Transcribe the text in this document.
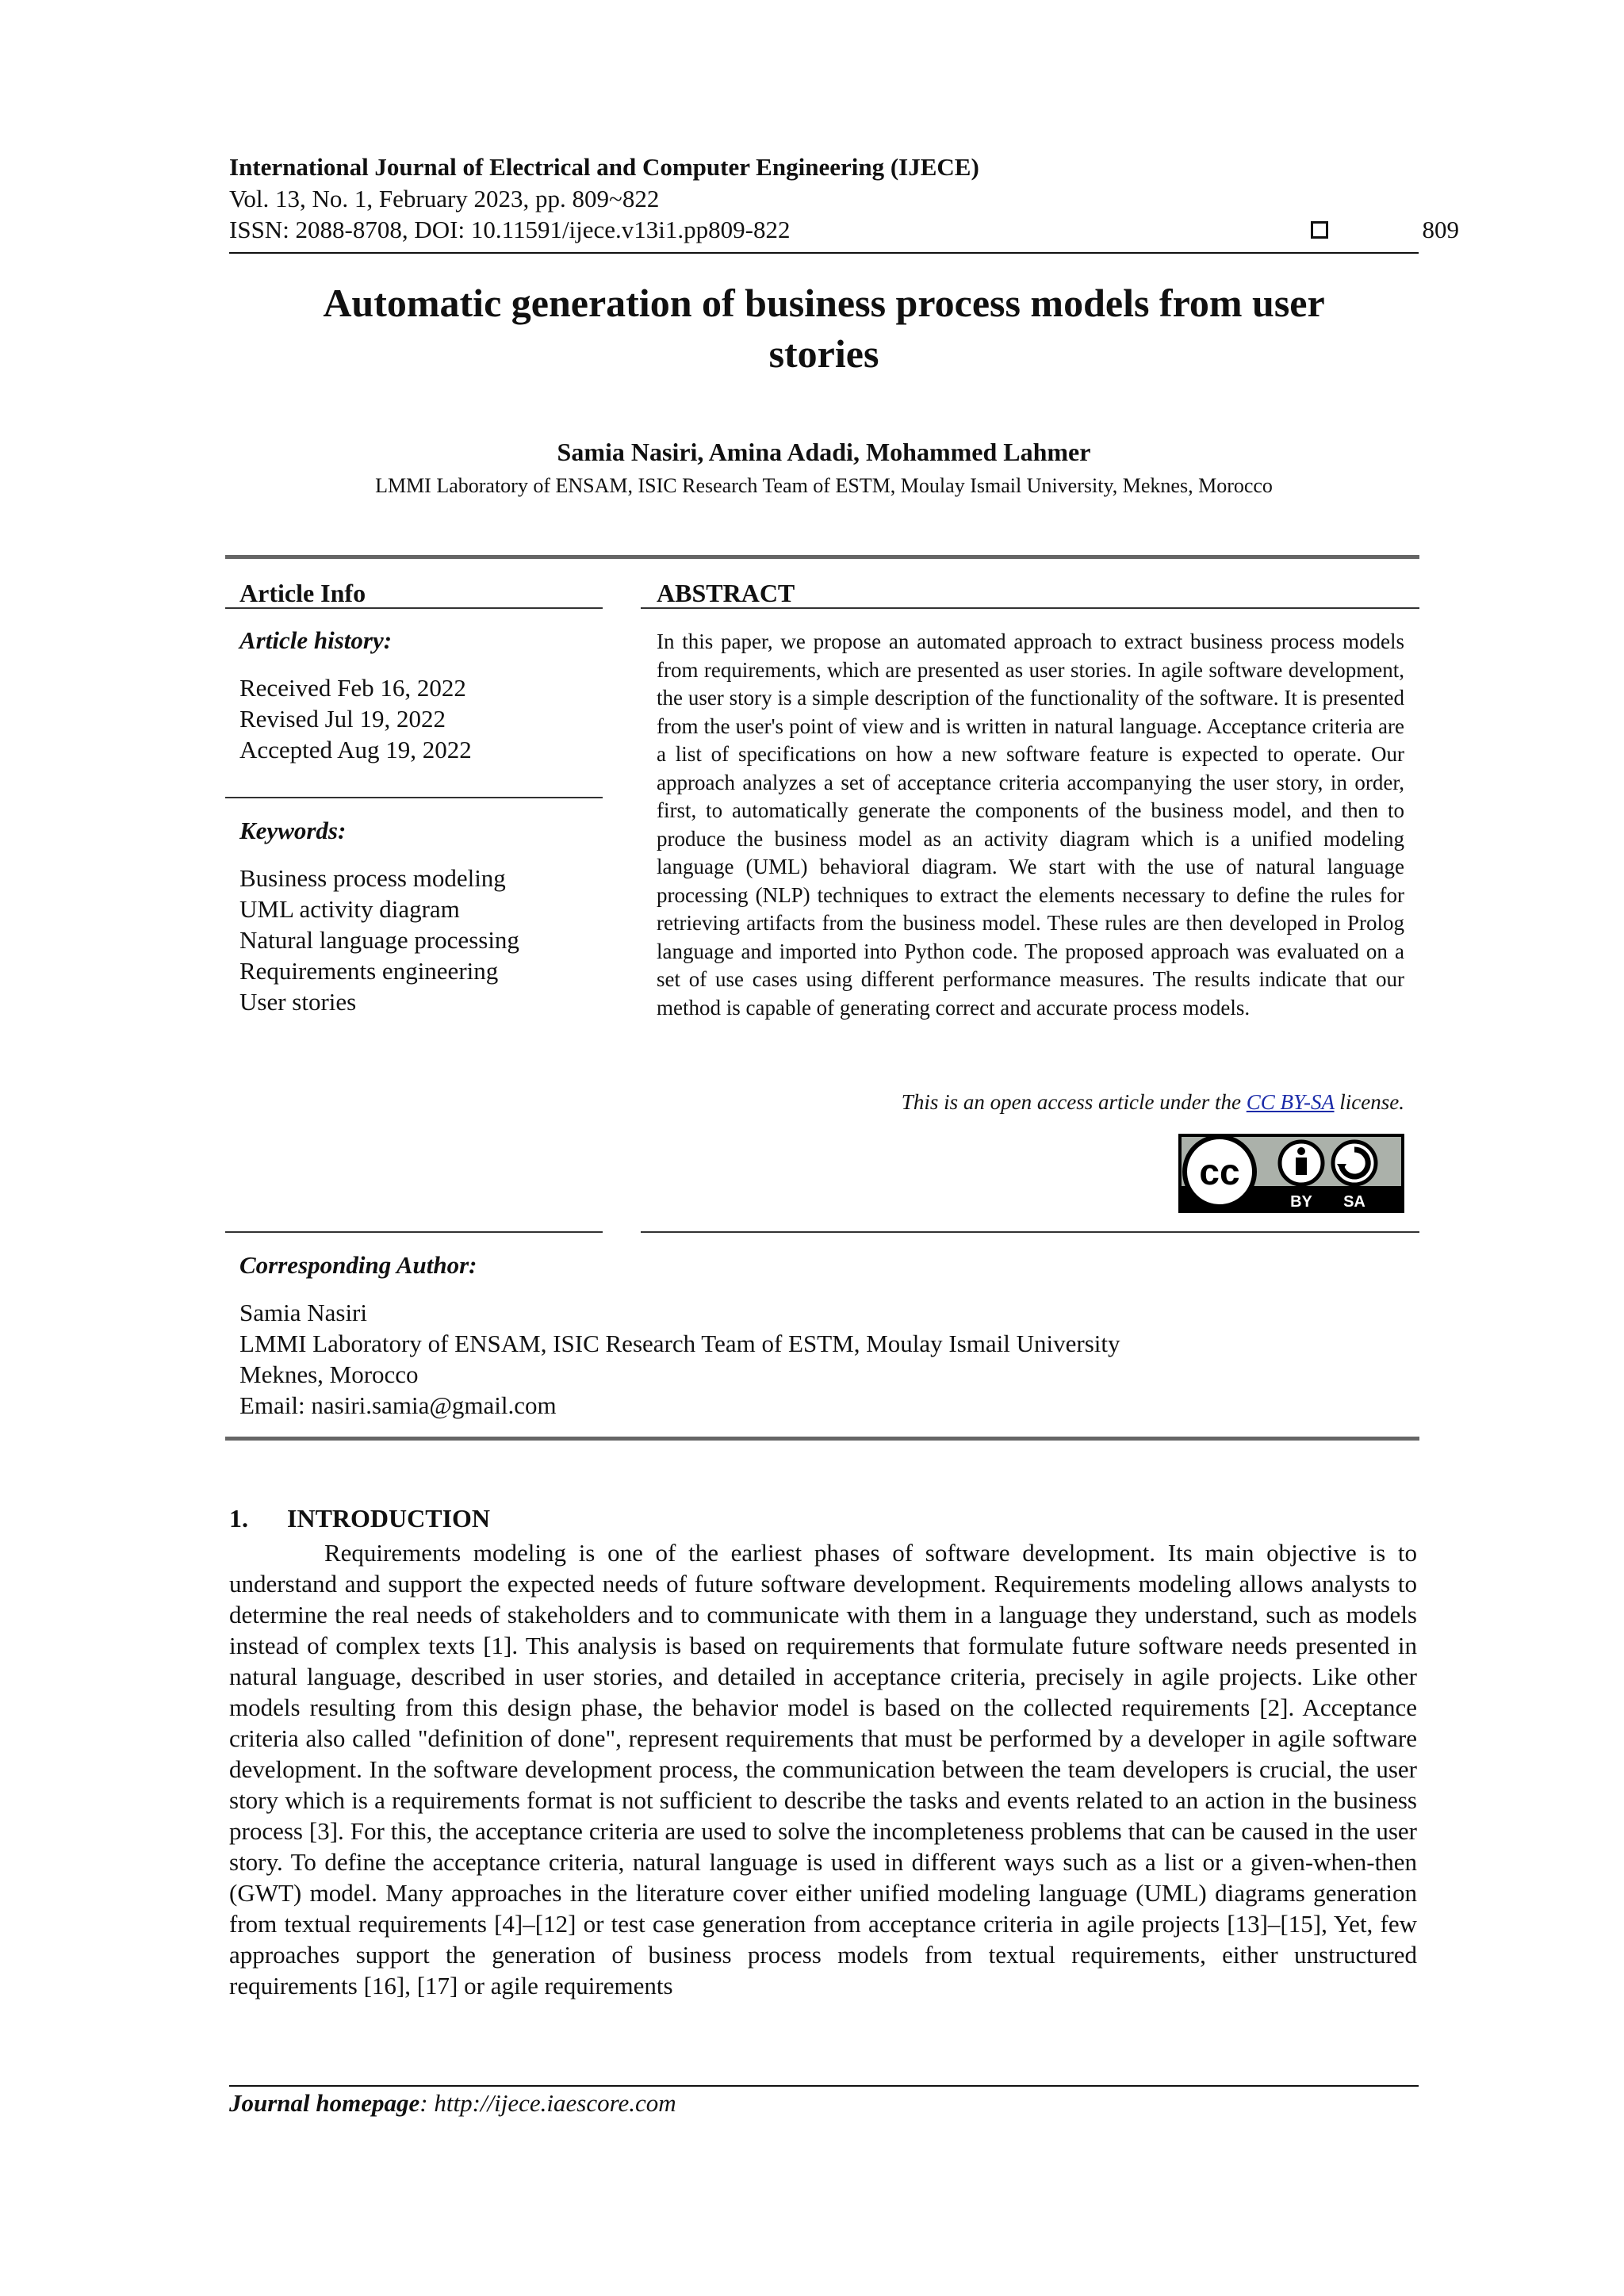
International Journal of Electrical and Computer Engineering (IJECE)
Vol. 13, No. 1, February 2023, pp. 809~822
ISSN: 2088-8708, DOI: 10.11591/ijece.v13i1.pp809-822	809
Automatic generation of business process models from user
stories
Samia Nasiri, Amina Adadi, Mohammed Lahmer
LMMI Laboratory of ENSAM, ISIC Research Team of ESTM, Moulay Ismail University, Meknes, Morocco
Article Info
Article history:
Received Feb 16, 2022
Revised Jul 19, 2022
Accepted Aug 19, 2022
Keywords:
Business process modeling
UML activity diagram
Natural language processing
Requirements engineering
User stories
ABSTRACT
In this paper, we propose an automated approach to extract business process models from requirements, which are presented as user stories. In agile software development, the user story is a simple description of the functionality of the software. It is presented from the user's point of view and is written in natural language. Acceptance criteria are a list of specifications on how a new software feature is expected to operate. Our approach analyzes a set of acceptance criteria accompanying the user story, in order, first, to automatically generate the components of the business model, and then to produce the business model as an activity diagram which is a unified modeling language (UML) behavioral diagram. We start with the use of natural language processing (NLP) techniques to extract the elements necessary to define the rules for retrieving artifacts from the business model. These rules are then developed in Prolog language and imported into Python code. The proposed approach was evaluated on a set of use cases using different performance measures. The results indicate that our method is capable of generating correct and accurate process models.
This is an open access article under the CC BY-SA license.
cc
BY SA
Corresponding Author:
Samia Nasiri
LMMI Laboratory of ENSAM, ISIC Research Team of ESTM, Moulay Ismail University
Meknes, Morocco
Email: nasiri.samia@gmail.com
1. INTRODUCTION

Requirements modeling is one of the earliest phases of software development. Its main objective is to understand and support the expected needs of future software development. Requirements modeling allows analysts to determine the real needs of stakeholders and to communicate with them in a language they understand, such as models instead of complex texts [1]. This analysis is based on requirements that formulate future software needs presented in natural language, described in user stories, and detailed in acceptance criteria, precisely in agile projects. Like other models resulting from this design phase, the behavior model is based on the collected requirements [2]. Acceptance criteria also called "definition of done", represent requirements that must be performed by a developer in agile software development. In the software development process, the communication between the team developers is crucial, the user story which is a requirements format is not sufficient to describe the tasks and events related to an action in the business process [3]. For this, the acceptance criteria are used to solve the incompleteness problems that can be caused in the user story. To define the acceptance criteria, natural language is used in different ways such as a list or a given-when-then (GWT) model. Many approaches in the literature cover either unified modeling language (UML) diagrams generation from textual requirements [4]–[12] or test case generation from acceptance criteria in agile projects [13]–[15], Yet, few approaches support the generation of business process models from textual requirements, either unstructured requirements [16], [17] or agile requirements

Journal homepage: http://ijece.iaescore.com
